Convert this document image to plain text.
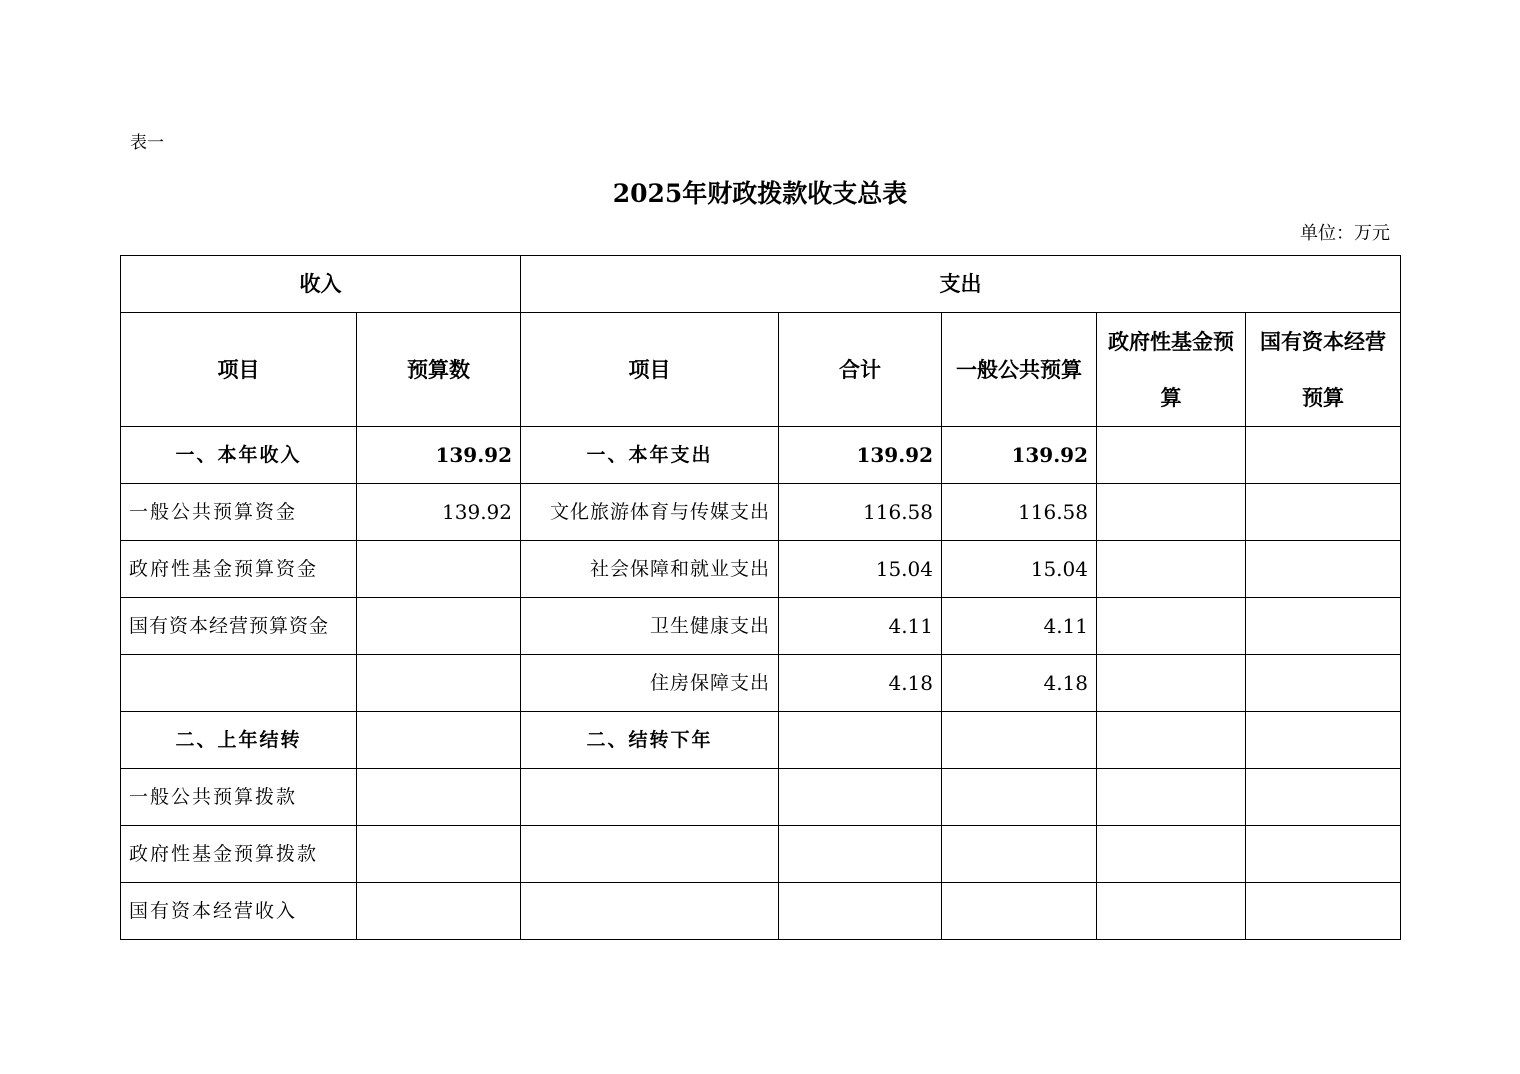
表一
2025年财政拨款收支总表
单位：万元
收入		支出				
项目	预算数	项目	合计	一般公共预算	政府性基金预算	国有资本经营预算
一、本年收入	139.92	一、本年支出	139.92	139.92		
一般公共预算资金	139.92	文化旅游体育与传媒支出	116.58	116.58		
政府性基金预算资金		社会保障和就业支出	15.04	15.04		
国有资本经营预算资金		卫生健康支出	4.11	4.11		
		住房保障支出	4.18	4.18		
二、上年结转		二、结转下年				
一般公共预算拨款						
政府性基金预算拨款						
国有资本经营收入						
